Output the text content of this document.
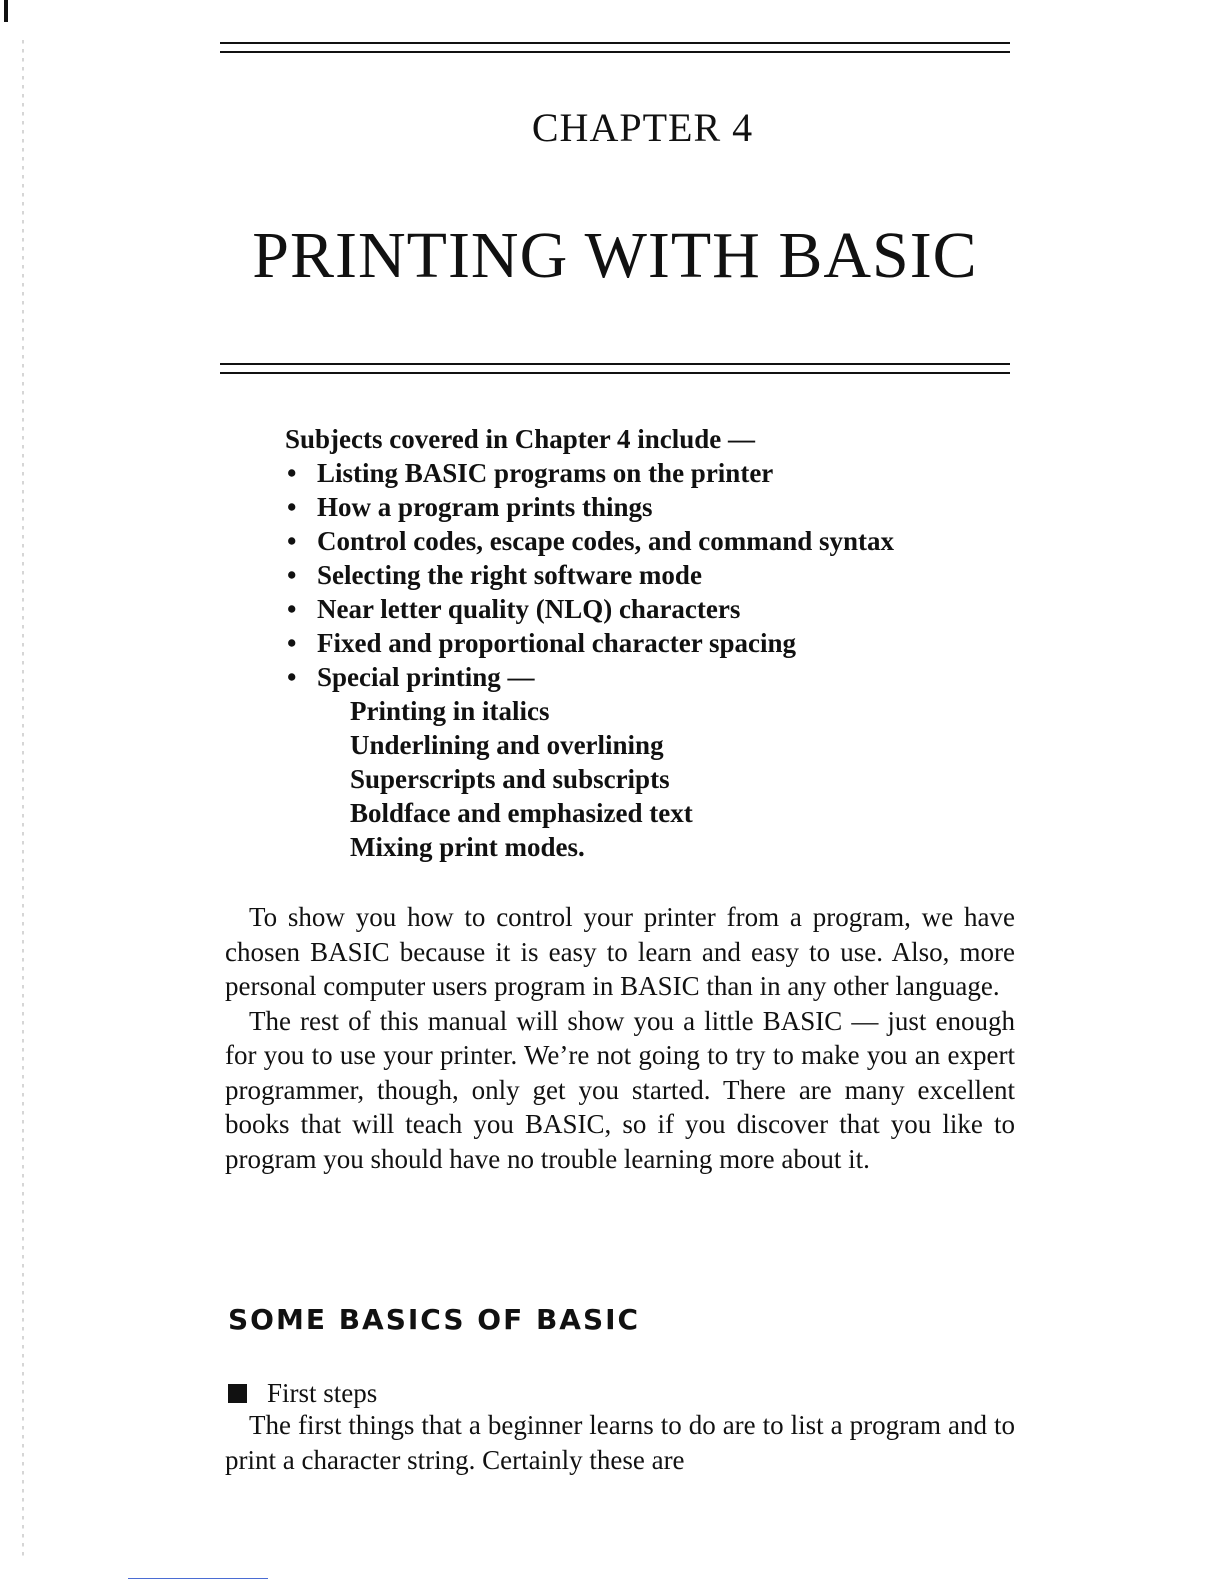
CHAPTER 4
PRINTING WITH BASIC

Subjects covered in Chapter 4 include —

• Listing BASIC programs on the printer
• How a program prints things
• Control codes, escape codes, and command syntax
• Selecting the right software mode
• Near letter quality (NLQ) characters
• Fixed and proportional character spacing
• Special printing —
Printing in italics
Underlining and overlining
Superscripts and subscripts
Boldface and emphasized text
Mixing print modes.

To show you how to control your printer from a program, we have chosen BASIC because it is easy to learn and easy to use. Also, more personal computer users program in BASIC than in any other language.

The rest of this manual will show you a little BASIC — just enough for you to use your printer. We’re not going to try to make you an expert programmer, though, only get you started. There are many excellent books that will teach you BASIC, so if you discover that you like to program you should have no trouble learning more about it.

SOME BASICS OF BASIC
First steps

The first things that a beginner learns to do are to list a program and to print a character string. Certainly these are
